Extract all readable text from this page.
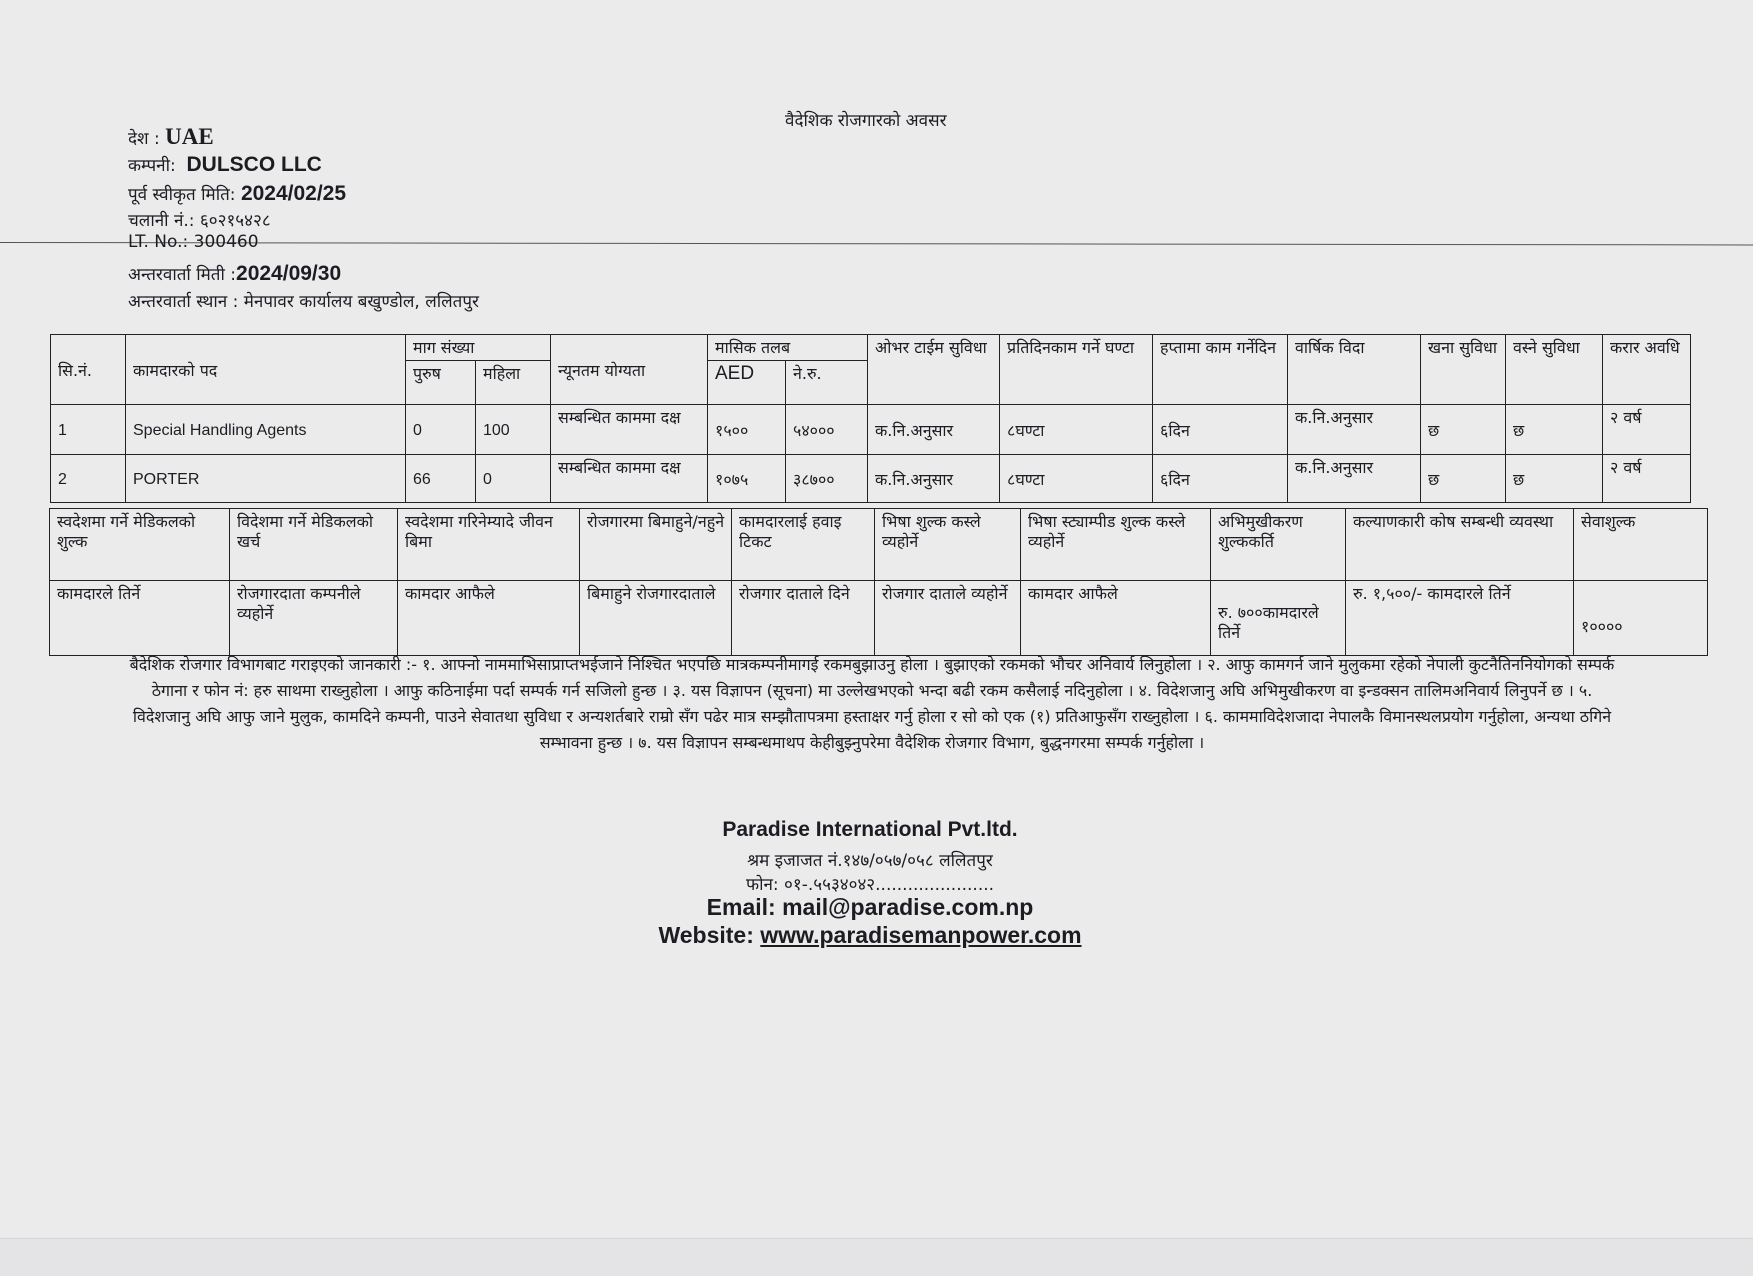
वैदेशिक रोजगारको अवसर
देश : UAE
कम्पनी: DULSCO LLC
पूर्व स्वीकृत मिति: 2024/02/25
चलानी नं.: ६०२१५४२८
LT. No.: 300460
अन्तरवार्ता मिती :2024/09/30
अन्तरवार्ता स्थान : मेनपावर कार्यालय बखुण्डोल, ललितपुर
सि.नं.	कामदारको पद	माग संख्या		न्यूनतम योग्यता	मासिक तलब		ओभर टाईम सुविधा	प्रतिदिनकाम गर्ने घण्टा	हप्तामा काम गर्नेदिन	वार्षिक विदा	खना सुविधा	वस्ने सुविधा	करार अवधि
		पुरुष	महिला		AED	ने.रु.							
1	Special Handling Agents	0	100	सम्बन्धित काममा दक्ष	१५००	५४०००	क.नि.अनुसार	८घण्टा	६दिन	क.नि.अनुसार	छ	छ	२ वर्ष
2	PORTER	66	0	सम्बन्धित काममा दक्ष	१०७५	३८७००	क.नि.अनुसार	८घण्टा	६दिन	क.नि.अनुसार	छ	छ	२ वर्ष
स्वदेशमा गर्ने मेडिकलको शुल्क	विदेशमा गर्ने मेडिकलको खर्च	स्वदेशमा गरिनेम्यादे जीवन बिमा	रोजगारमा बिमाहुने/नहुने	कामदारलाई हवाइ टिकट	भिषा शुल्क कस्ले व्यहोर्ने	भिषा स्ट्याम्पीड शुल्क कस्ले व्यहोर्ने	अभिमुखीकरण शुल्ककर्ति	कल्याणकारी कोष सम्बन्धी व्यवस्था	सेवाशुल्क
कामदारले तिर्ने	रोजगारदाता कम्पनीले व्यहोर्ने	कामदार आफैले	बिमाहुने रोजगारदाताले	रोजगार दाताले दिने	रोजगार दाताले व्यहोर्ने	कामदार आफैले	रु. ७००कामदारले तिर्ने	रु. १,५००/- कामदारले तिर्ने	१००००
बैदेशिक रोजगार विभागबाट गराइएको जानकारी :- १. आफ्नो नाममाभिसाप्राप्तभईजाने निश्चित भएपछि मात्रकम्पनीमागई रकमबुझाउनु होला । बुझाएको रकमको भौचर अनिवार्य लिनुहोला । २. आफु कामगर्न जाने मुलुकमा रहेको नेपाली कुटनैतिननियोगको सम्पर्क ठेगाना र फोन नं: हरु साथमा राख्नुहोला । आफु कठिनाईमा पर्दा सम्पर्क गर्न सजिलो हुन्छ । ३. यस विज्ञापन (सूचना) मा उल्लेखभएको भन्दा बढी रकम कसैलाई नदिनुहोला । ४. विदेशजानु अघि अभिमुखीकरण वा इन्डक्सन तालिमअनिवार्य लिनुपर्ने छ । ५. विदेशजानु अघि आफु जाने मुलुक, कामदिने कम्पनी, पाउने सेवातथा सुविधा र अन्यशर्तबारे राम्रो सँग पढेर मात्र सम्झौतापत्रमा हस्ताक्षर गर्नु होला र सो को एक (१) प्रतिआफुसँग राख्नुहोला । ६. काममाविदेशजादा नेपालकै विमानस्थलप्रयोग गर्नुहोला, अन्यथा ठगिने सम्भावना हुन्छ । ७. यस विज्ञापन सम्बन्धमाथप केहीबुझ्नुपरेमा वैदेशिक रोजगार विभाग, बुद्धनगरमा सम्पर्क गर्नुहोला ।
Paradise International Pvt.ltd.
श्रम इजाजत नं.१४७/०५७/०५८ ललितपुर
फोन: ०१-.५५३४०४२......................
Email: mail@paradise.com.np
Website: www.paradisemanpower.com
